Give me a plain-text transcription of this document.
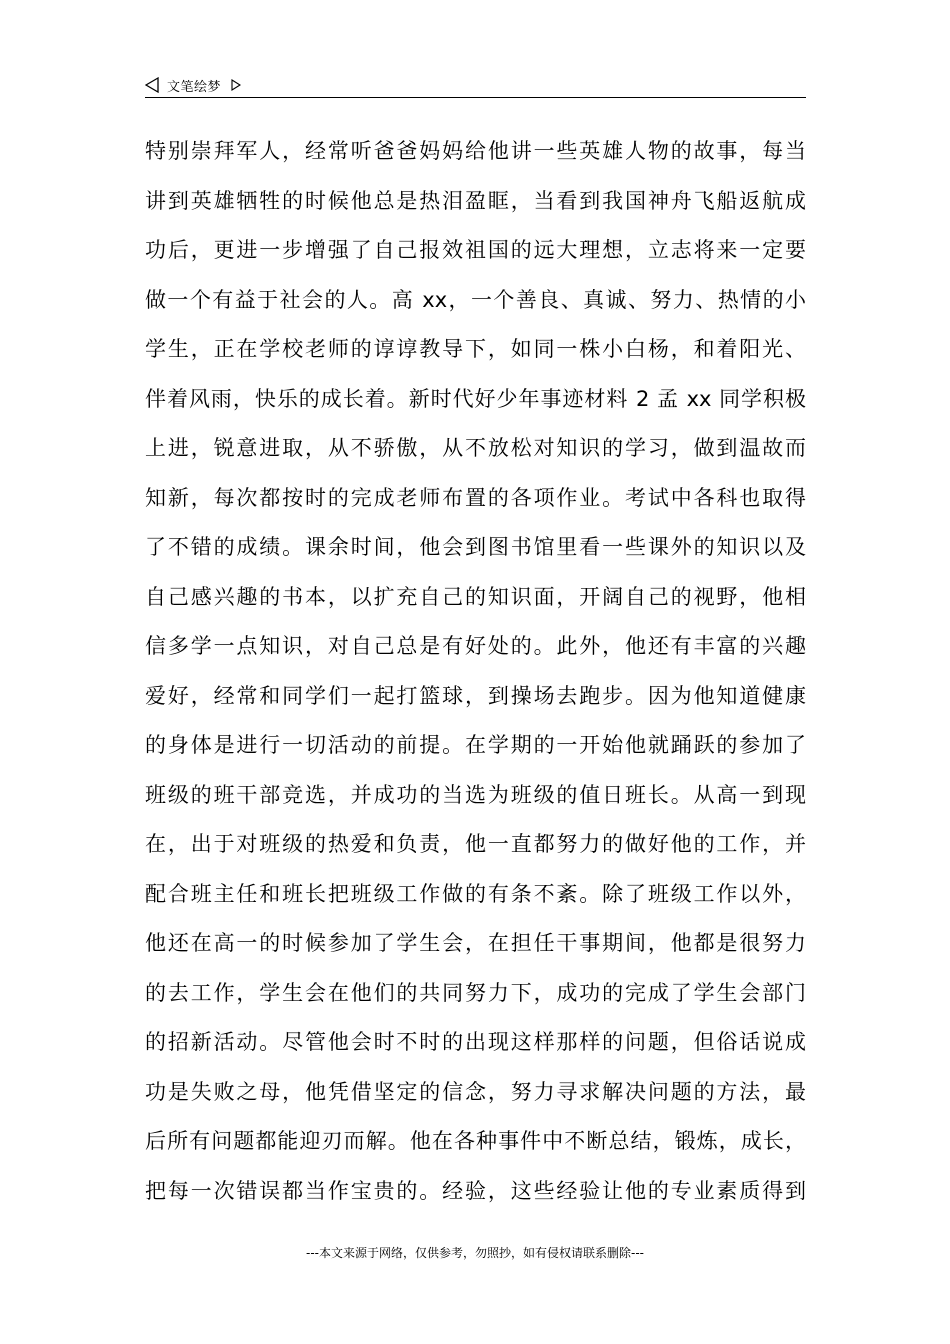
文笔绘梦
特别崇拜军人，经常听爸爸妈妈给他讲一些英雄人物的故事，每当
讲到英雄牺牲的时候他总是热泪盈眶，当看到我国神舟飞船返航成
功后，更进一步增强了自己报效祖国的远大理想，立志将来一定要
做一个有益于社会的人。高 xx，一个善良、真诚、努力、热情的小
学生，正在学校老师的谆谆教导下，如同一株小白杨，和着阳光、
伴着风雨，快乐的成长着。新时代好少年事迹材料 2 孟 xx 同学积极
上进，锐意进取，从不骄傲，从不放松对知识的学习，做到温故而
知新，每次都按时的完成老师布置的各项作业。考试中各科也取得
了不错的成绩。课余时间，他会到图书馆里看一些课外的知识以及
自己感兴趣的书本，以扩充自己的知识面，开阔自己的视野，他相
信多学一点知识，对自己总是有好处的。此外，他还有丰富的兴趣
爱好，经常和同学们一起打篮球，到操场去跑步。因为他知道健康
的身体是进行一切活动的前提。在学期的一开始他就踊跃的参加了
班级的班干部竞选，并成功的当选为班级的值日班长。从高一到现
在，出于对班级的热爱和负责，他一直都努力的做好他的工作，并
配合班主任和班长把班级工作做的有条不紊。除了班级工作以外，
他还在高一的时候参加了学生会，在担任干事期间，他都是很努力
的去工作，学生会在他们的共同努力下，成功的完成了学生会部门
的招新活动。尽管他会时不时的出现这样那样的问题，但俗话说成
功是失败之母，他凭借坚定的信念，努力寻求解决问题的方法，最
后所有问题都能迎刃而解。他在各种事件中不断总结，锻炼，成长，
把每一次错误都当作宝贵的。经验，这些经验让他的专业素质得到
---本文来源于网络，仅供参考，勿照抄，如有侵权请联系删除---
